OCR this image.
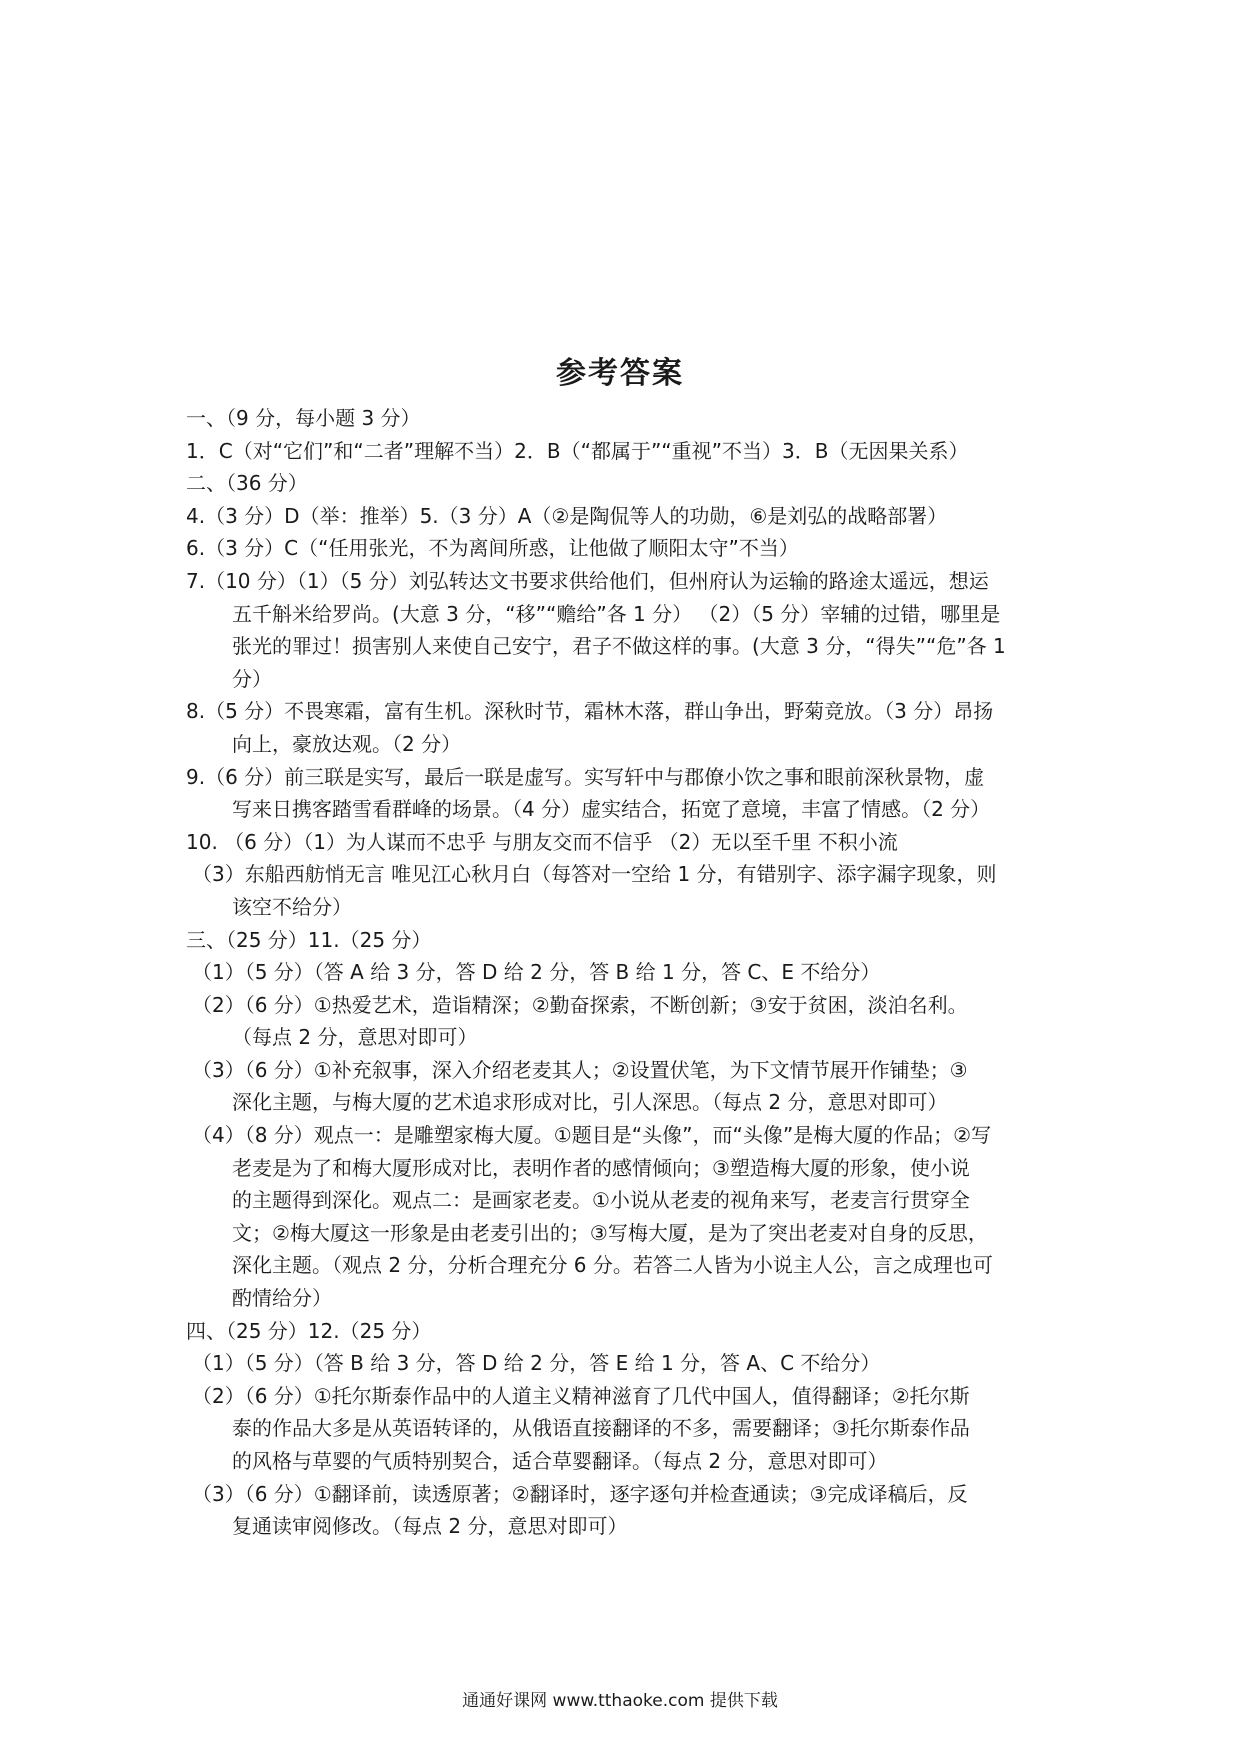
参考答案
一、（9 分，每小题 3 分）
1．C（对“它们”和“二者”理解不当）2．B（“都属于”“重视”不当）3．B（无因果关系）
二、（36 分）
4.（3 分）D（举：推举）5.（3 分）A（②是陶侃等人的功勋，⑥是刘弘的战略部署）
6.（3 分）C（“任用张光，不为离间所惑，让他做了顺阳太守”不当）
7.（10 分）（1）（5 分）刘弘转达文书要求供给他们，但州府认为运输的路途太遥远，想运
五千斛米给罗尚。(大意 3 分，“移”“赡给”各 1 分） （2）（5 分）宰辅的过错，哪里是
张光的罪过！损害别人来使自己安宁，君子不做这样的事。(大意 3 分，“得失”“危”各 1
分）
8.（5 分）不畏寒霜，富有生机。深秋时节，霜林木落，群山争出，野菊竞放。（3 分）昂扬
向上，豪放达观。（2 分）
9.（6 分）前三联是实写，最后一联是虚写。实写轩中与郡僚小饮之事和眼前深秋景物，虚
写来日携客踏雪看群峰的场景。（4 分）虚实结合，拓宽了意境，丰富了情感。（2 分）
10. （6 分）（1）为人谋而不忠乎 与朋友交而不信乎 （2）无以至千里 不积小流
（3）东船西舫悄无言 唯见江心秋月白（每答对一空给 1 分，有错别字、添字漏字现象，则
该空不给分）
三、（25 分）11.（25 分）
（1）（5 分）（答 A 给 3 分，答 D 给 2 分，答 B 给 1 分，答 C、E 不给分）
（2）（6 分）①热爱艺术，造诣精深；②勤奋探索，不断创新；③安于贫困，淡泊名利。
（每点 2 分，意思对即可）
（3）（6 分）①补充叙事，深入介绍老麦其人；②设置伏笔，为下文情节展开作铺垫；③
深化主题，与梅大厦的艺术追求形成对比，引人深思。（每点 2 分，意思对即可）
（4）（8 分）观点一：是雕塑家梅大厦。①题目是“头像”，而“头像”是梅大厦的作品；②写
老麦是为了和梅大厦形成对比，表明作者的感情倾向；③塑造梅大厦的形象，使小说
的主题得到深化。观点二：是画家老麦。①小说从老麦的视角来写，老麦言行贯穿全
文；②梅大厦这一形象是由老麦引出的；③写梅大厦，是为了突出老麦对自身的反思，
深化主题。（观点 2 分，分析合理充分 6 分。若答二人皆为小说主人公，言之成理也可
酌情给分）
四、（25 分）12.（25 分）
（1）（5 分）（答 B 给 3 分，答 D 给 2 分，答 E 给 1 分，答 A、C 不给分）
（2）（6 分）①托尔斯泰作品中的人道主义精神滋育了几代中国人，值得翻译；②托尔斯
泰的作品大多是从英语转译的，从俄语直接翻译的不多，需要翻译；③托尔斯泰作品
的风格与草婴的气质特别契合，适合草婴翻译。（每点 2 分，意思对即可）
（3）（6 分）①翻译前，读透原著；②翻译时，逐字逐句并检查通读；③完成译稿后，反
复通读审阅修改。（每点 2 分，意思对即可）
通通好课网 www.tthaoke.com 提供下载
